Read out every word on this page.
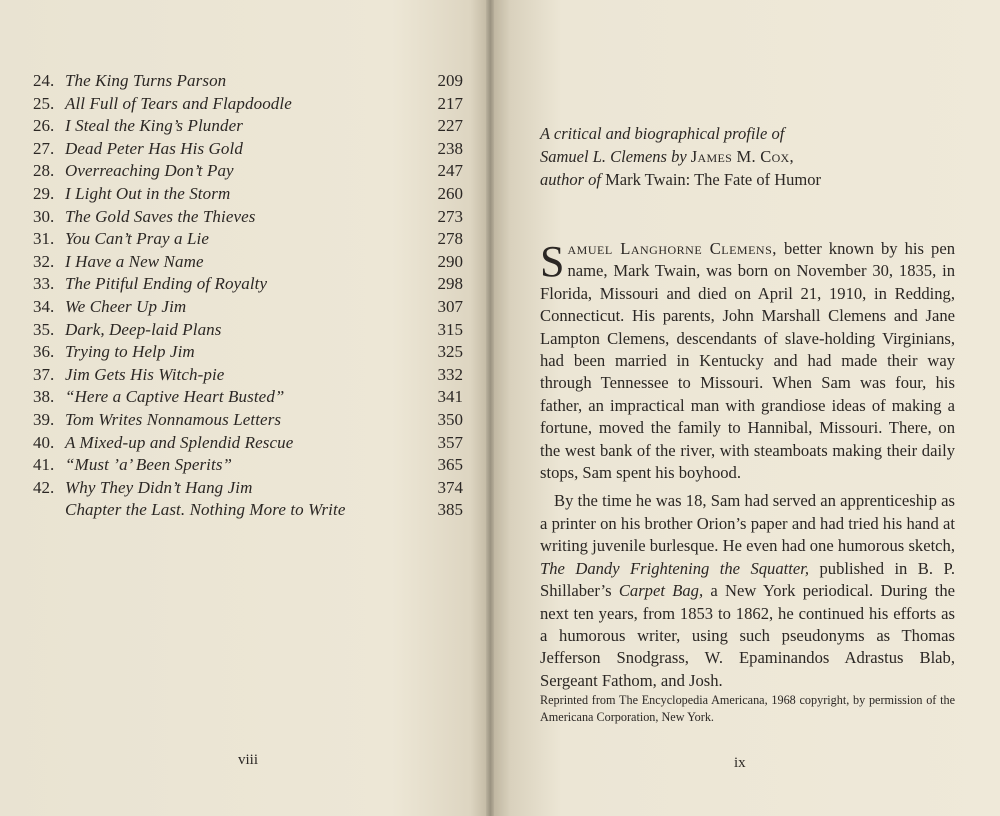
24. The King Turns Parson	209
25. All Full of Tears and Flapdoodle	217
26. I Steal the King’s Plunder	227
27. Dead Peter Has His Gold	238
28. Overreaching Don’t Pay	247
29. I Light Out in the Storm	260
30. The Gold Saves the Thieves	273
31. You Can’t Pray a Lie	278
32. I Have a New Name	290
33. The Pitiful Ending of Royalty	298
34. We Cheer Up Jim	307
35. Dark, Deep-laid Plans	315
36. Trying to Help Jim	325
37. Jim Gets His Witch-pie	332
38. “Here a Captive Heart Busted”	341
39. Tom Writes Nonnamous Letters	350
40. A Mixed-up and Splendid Rescue	357
41. “Must ’a’ Been Sperits”	365
42. Why They Didn’t Hang Jim	374
Chapter the Last. Nothing More to Write	385
viii
A critical and biographical profile of
Samuel L. Clemens by James M. Cox,
author of Mark Twain: The Fate of Humor

Samuel Langhorne Clemens, better known by his pen name, Mark Twain, was born on November 30, 1835, in Florida, Missouri and died on April 21, 1910, in Redding, Connecticut. His parents, John Marshall Clemens and Jane Lampton Clemens, descendants of slave-holding Virginians, had been married in Kentucky and had made their way through Tennessee to Missouri. When Sam was four, his father, an impractical man with grandiose ideas of making a fortune, moved the family to Hannibal, Missouri. There, on the west bank of the river, with steamboats making their daily stops, Sam spent his boyhood.

By the time he was 18, Sam had served an apprenticeship as a printer on his brother Orion’s paper and had tried his hand at writing juvenile burlesque. He even had one humorous sketch, The Dandy Frightening the Squatter, published in B. P. Shillaber’s Carpet Bag, a New York periodical. During the next ten years, from 1853 to 1862, he continued his efforts as a humorous writer, using such pseudonyms as Thomas Jefferson Snodgrass, W. Epaminandos Adrastus Blab, Sergeant Fathom, and Josh.

Reprinted from The Encyclopedia Americana, 1968 copyright, by permission of the Americana Corporation, New York.
ix
